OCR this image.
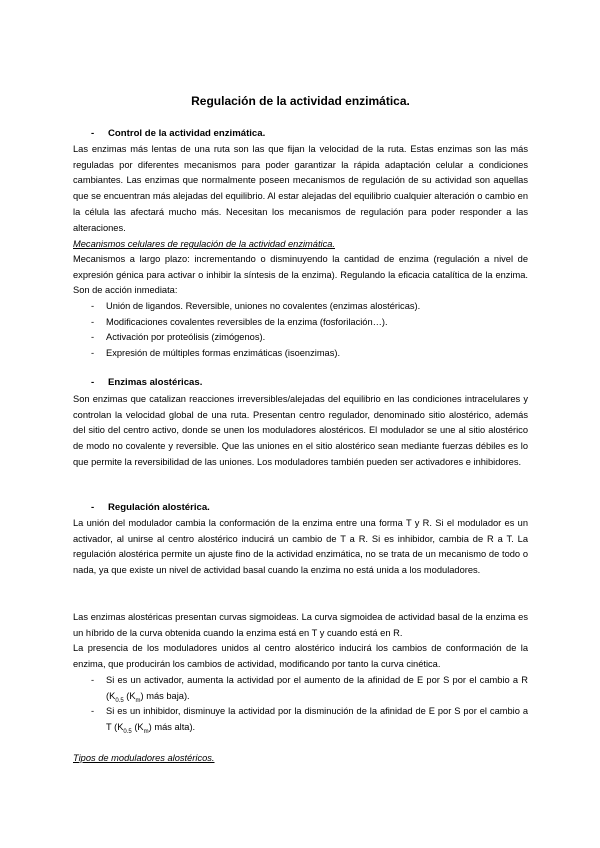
Regulación de la actividad enzimática.
- Control de la actividad enzimática.
Las enzimas más lentas de una ruta son las que fijan la velocidad de la ruta. Estas enzimas son las más reguladas por diferentes mecanismos para poder garantizar la rápida adaptación celular a condiciones cambiantes. Las enzimas que normalmente poseen mecanismos de regulación de su actividad son aquellas que se encuentran más alejadas del equilibrio. Al estar alejadas del equilibrio cualquier alteración o cambio en la célula las afectará mucho más. Necesitan los mecanismos de regulación para poder responder a las alteraciones.
Mecanismos celulares de regulación de la actividad enzimática.
Mecanismos a largo plazo: incrementando o disminuyendo la cantidad de enzima (regulación a nivel de expresión génica para activar o inhibir la síntesis de la enzima). Regulando la eficacia catalítica de la enzima. Son de acción inmediata:
- Unión de ligandos. Reversible, uniones no covalentes (enzimas alostéricas).
- Modificaciones covalentes reversibles de la enzima (fosforilación…).
- Activación por proteólisis (zimógenos).
- Expresión de múltiples formas enzimáticas (isoenzimas).
- Enzimas alostéricas.
Son enzimas que catalizan reacciones irreversibles/alejadas del equilibrio en las condiciones intracelulares y controlan la velocidad global de una ruta. Presentan centro regulador, denominado sitio alostérico, además del sitio del centro activo, donde se unen los moduladores alostéricos. El modulador se une al sitio alostérico de modo no covalente y reversible. Que las uniones en el sitio alostérico sean mediante fuerzas débiles es lo que permite la reversibilidad de las uniones. Los moduladores también pueden ser activadores e inhibidores.
- Regulación alostérica.
La unión del modulador cambia la conformación de la enzima entre una forma T y R. Si el modulador es un activador, al unirse al centro alostérico inducirá un cambio de T a R. Si es inhibidor, cambia de R a T. La regulación alostérica permite un ajuste fino de la actividad enzimática, no se trata de un mecanismo de todo o nada, ya que existe un nivel de actividad basal cuando la enzima no está unida a los moduladores.
Las enzimas alostéricas presentan curvas sigmoideas. La curva sigmoidea de actividad basal de la enzima es un híbrido de la curva obtenida cuando la enzima está en T y cuando está en R.
La presencia de los moduladores unidos al centro alostérico inducirá los cambios de conformación de la enzima, que producirán los cambios de actividad, modificando por tanto la curva cinética.
- Si es un activador, aumenta la actividad por el aumento de la afinidad de E por S por el cambio a R ($K_{0.5}$ $(K_m)$ más baja).
- Si es un inhibidor, disminuye la actividad por la disminución de la afinidad de E por S por el cambio a T ($K_{0.5}$ $(K_m)$ más alta).
Tipos de moduladores alostéricos.
